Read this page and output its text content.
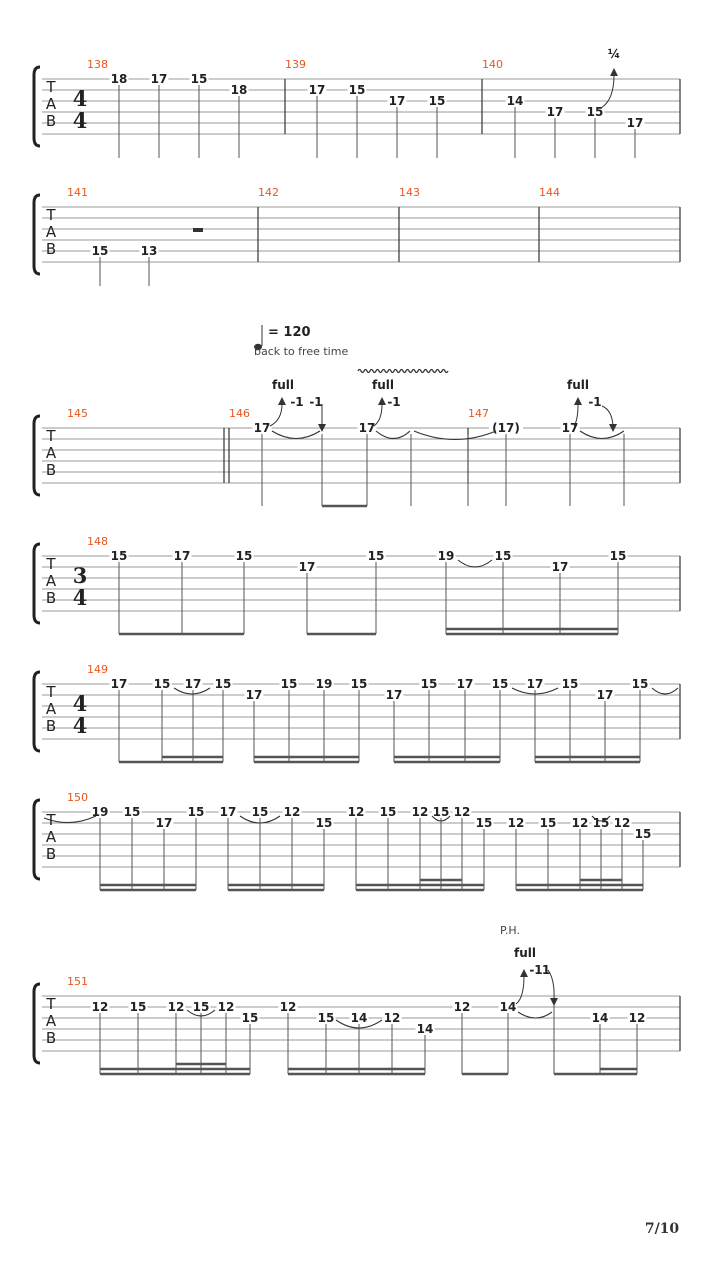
T
A
B
4
4
138
18 17 15
18
139
17 15
17 15
140
14
17 15
17
T
A
B
141
15	13
142	143	144
T
A
B
145	146
17	17
147
(17)	17
T
A
B
3
4
148
15	17	15
17
15	19	15
17
15
T
A
B
4
4
149
17 15 17 15
17
15 19 15
17
15 17 15 17 15
17
15
T
A
B
150
19 15
17
15 17 15 12
15
12 15 12 15 12
15 12 15 12 15 12
15
T
A
B
151
12 15 12 15 12
15
12
15 14 12
14
12 14
14 12
¼
= 120
back to free time
full
-1 -1
full
-1
full
-1
P.H.
full
-1 1
7/10
